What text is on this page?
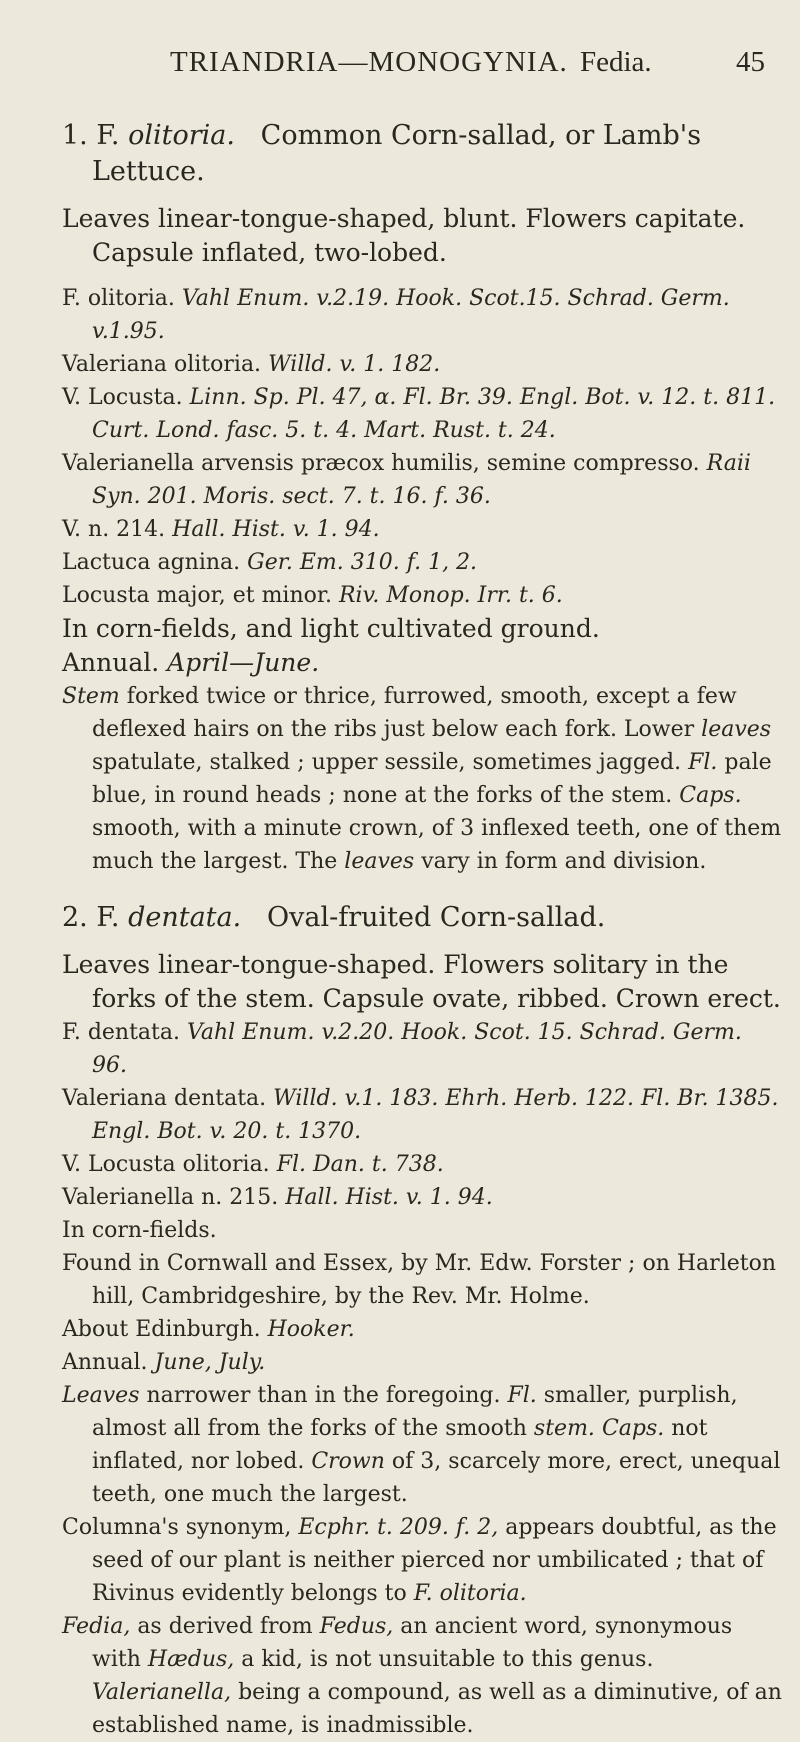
TRIANDRIA—MONOGYNIA. Fedia.	45

1. F. olitoria. Common Corn-sallad, or Lamb's Lettuce.

Leaves linear-tongue-shaped, blunt. Flowers capitate. Capsule inflated, two-lobed.

F. olitoria. Vahl Enum. v.2.19. Hook. Scot.15. Schrad. Germ. v.1.95.

Valeriana olitoria. Willd. v. 1. 182.

V. Locusta. Linn. Sp. Pl. 47, α. Fl. Br. 39. Engl. Bot. v. 12. t. 811. Curt. Lond. fasc. 5. t. 4. Mart. Rust. t. 24.

Valerianella arvensis præcox humilis, semine compresso. Raii Syn. 201. Moris. sect. 7. t. 16. f. 36.

V. n. 214. Hall. Hist. v. 1. 94.

Lactuca agnina. Ger. Em. 310. f. 1, 2.

Locusta major, et minor. Riv. Monop. Irr. t. 6.

In corn-fields, and light cultivated ground.

Annual. April—June.

Stem forked twice or thrice, furrowed, smooth, except a few deflexed hairs on the ribs just below each fork. Lower leaves spatulate, stalked ; upper sessile, sometimes jagged. Fl. pale blue, in round heads ; none at the forks of the stem. Caps. smooth, with a minute crown, of 3 inflexed teeth, one of them much the largest. The leaves vary in form and division.

2. F. dentata. Oval-fruited Corn-sallad.

Leaves linear-tongue-shaped. Flowers solitary in the forks of the stem. Capsule ovate, ribbed. Crown erect.

F. dentata. Vahl Enum. v.2.20. Hook. Scot. 15. Schrad. Germ. 96.

Valeriana dentata. Willd. v.1. 183. Ehrh. Herb. 122. Fl. Br. 1385. Engl. Bot. v. 20. t. 1370.

V. Locusta olitoria. Fl. Dan. t. 738.

Valerianella n. 215. Hall. Hist. v. 1. 94.

In corn-fields.

Found in Cornwall and Essex, by Mr. Edw. Forster ; on Harleton hill, Cambridgeshire, by the Rev. Mr. Holme.

About Edinburgh. Hooker.

Annual. June, July.

Leaves narrower than in the foregoing. Fl. smaller, purplish, almost all from the forks of the smooth stem. Caps. not inflated, nor lobed. Crown of 3, scarcely more, erect, unequal teeth, one much the largest.

Columna's synonym, Ecphr. t. 209. f. 2, appears doubtful, as the seed of our plant is neither pierced nor umbilicated ; that of Rivinus evidently belongs to F. olitoria.

Fedia, as derived from Fedus, an ancient word, synonymous with Hædus, a kid, is not unsuitable to this genus. Valerianella, being a compound, as well as a diminutive, of an established name, is inadmissible.
